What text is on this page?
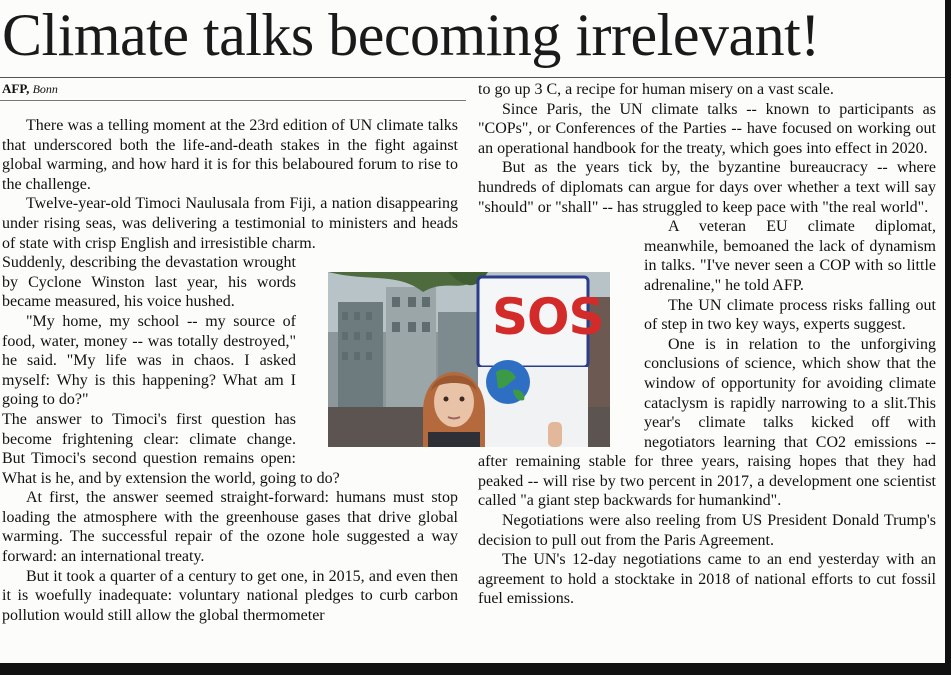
Climate talks becoming irrelevant!
AFP, Bonn

There was a telling moment at the 23rd edition of UN climate talks that underscored both the life-and-death stakes in the fight against global warming, and how hard it is for this belaboured forum to rise to the challenge.

Twelve-year-old Timoci Naulusala from Fiji, a nation disappearing under rising seas, was delivering a testimonial to ministers and heads of state with crisp English and irresistible charm.

Suddenly, describing the devastation wrought by Cyclone Winston last year, his words became measured, his voice hushed.

"My home, my school -- my source of food, water, money -- was totally destroyed," he said. "My life was in chaos. I asked myself: Why is this happening? What am I going to do?"

The answer to Timoci's first question has become frightening clear: climate change. But Timoci's second question remains open: What is he, and by extension the world, going to do?

At first, the answer seemed straight-forward: humans must stop loading the atmosphere with the greenhouse gases that drive global warming. The successful repair of the ozone hole suggested a way forward: an international treaty.

But it took a quarter of a century to get one, in 2015, and even then it is woefully inadequate: voluntary national pledges to curb carbon pollution would still allow the global thermometer

to go up 3 C, a recipe for human misery on a vast scale.

Since Paris, the UN climate talks -- known to participants as "COPs", or Conferences of the Parties -- have focused on working out an operational handbook for the treaty, which goes into effect in 2020.

But as the years tick by, the byzantine bureaucracy -- where hundreds of diplomats can argue for days over whether a text will say "should" or "shall" -- has struggled to keep pace with "the real world".

A veteran EU climate diplomat, meanwhile, bemoaned the lack of dynamism in talks. "I've never seen a COP with so little adrenaline," he told AFP.

The UN climate process risks falling out of step in two key ways, experts suggest.

One is in relation to the unforgiving conclusions of science, which show that the window of opportunity for avoiding climate cataclysm is rapidly narrowing to a slit.This year's climate talks kicked off with negotiators learning that CO2 emissions -- after remaining stable for three years, raising hopes that they had peaked -- will rise by two percent in 2017, a development one scientist called "a giant step backwards for humankind".

Negotiations were also reeling from US President Donald Trump's decision to pull out from the Paris Agreement.

The UN's 12-day negotiations came to an end yesterday with an agreement to hold a stocktake in 2018 of national efforts to cut fossil fuel emissions.

SOS
